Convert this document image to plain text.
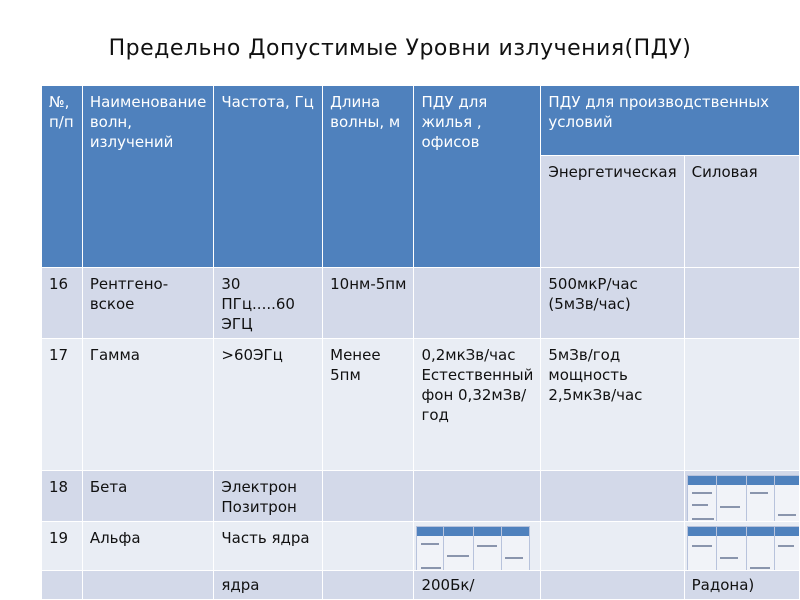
Предельно Допустимые Уровни излучения(ПДУ)
№, п/п	Наименование волн, излучений	Частота, Гц	Длина волны, м	ПДУ для жилья , офисов	ПДУ для производственных условий	
					Энергетическая	Силовая
16	Рентгено-вское	30 ПГц.....60 ЭГЦ	10нм-5пм		500мкР/час (5мЗв/час)	
17	Гамма	>60ЭГц	Менее 5пм	0,2мкЗв/час Естественный фон 0,32мЗв/год	5мЗв/год мощность 2,5мкЗв/час	
18	Бета	Электрон Позитрон				

19	Альфа	Часть ядра		

		ядра		200Бк/		Радона)
